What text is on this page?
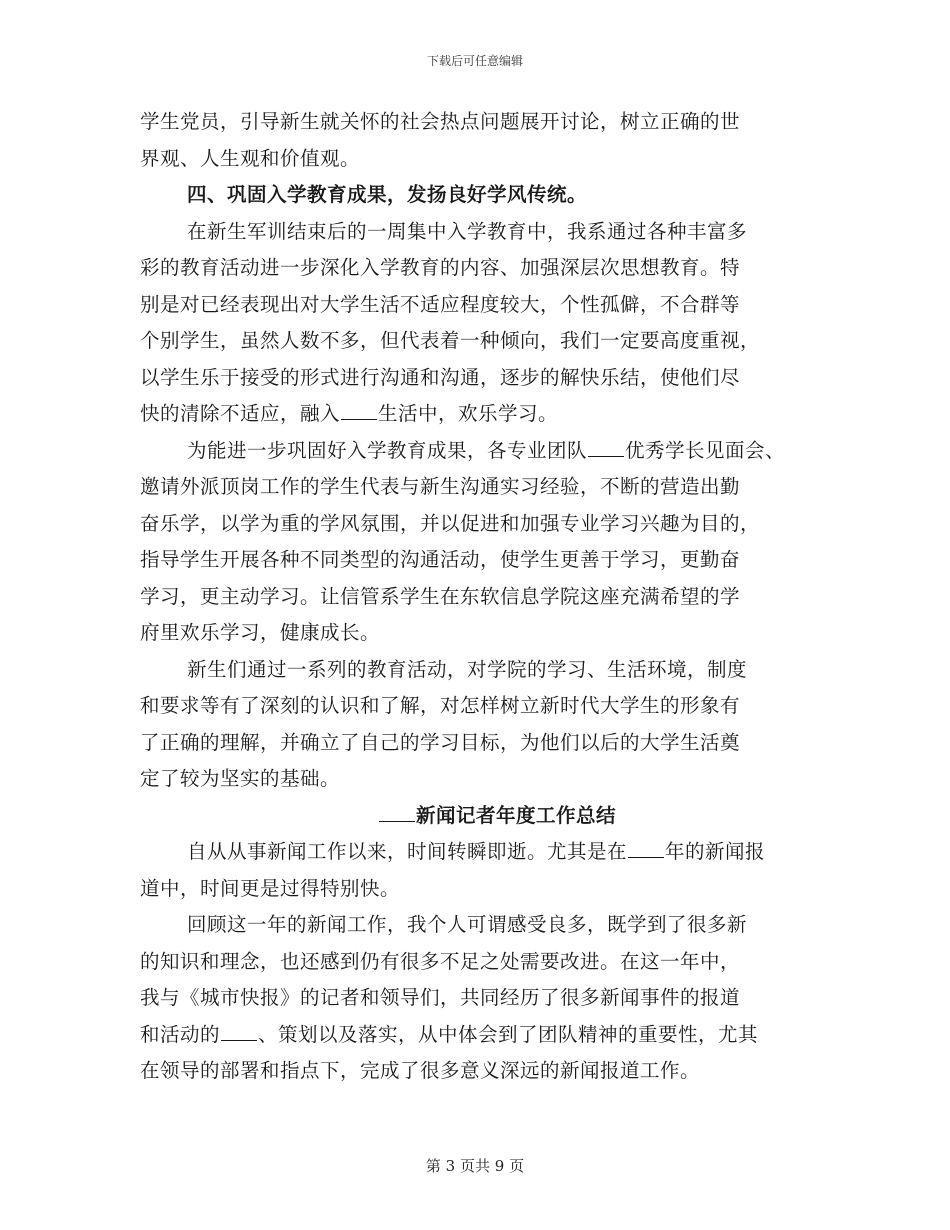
下载后可任意编辑
学生党员，引导新生就关怀的社会热点问题展开讨论，树立正确的世
界观、人生观和价值观。
四、巩固入学教育成果，发扬良好学风传统。
在新生军训结束后的一周集中入学教育中，我系通过各种丰富多
彩的教育活动进一步深化入学教育的内容、加强深层次思想教育。特
别是对已经表现出对大学生活不适应程度较大，个性孤僻，不合群等
个别学生，虽然人数不多，但代表着一种倾向，我们一定要高度重视，
以学生乐于接受的形式进行沟通和沟通，逐步的解快乐结，使他们尽
快的清除不适应，融入 生活中，欢乐学习。
为能进一步巩固好入学教育成果，各专业团队 优秀学长见面会、
邀请外派顶岗工作的学生代表与新生沟通实习经验，不断的营造出勤
奋乐学，以学为重的学风氛围，并以促进和加强专业学习兴趣为目的，
指导学生开展各种不同类型的沟通活动，使学生更善于学习，更勤奋
学习，更主动学习。让信管系学生在东软信息学院这座充满希望的学
府里欢乐学习，健康成长。
新生们通过一系列的教育活动，对学院的学习、生活环境，制度
和要求等有了深刻的认识和了解，对怎样树立新时代大学生的形象有
了正确的理解，并确立了自己的学习目标，为他们以后的大学生活奠
定了较为坚实的基础。
新闻记者年度工作总结
自从从事新闻工作以来，时间转瞬即逝。尤其是在 年的新闻报
道中，时间更是过得特别快。
回顾这一年的新闻工作，我个人可谓感受良多，既学到了很多新
的知识和理念，也还感到仍有很多不足之处需要改进。在这一年中，
我与《城市快报》的记者和领导们，共同经历了很多新闻事件的报道
和活动的 、策划以及落实，从中体会到了团队精神的重要性，尤其
在领导的部署和指点下，完成了很多意义深远的新闻报道工作。
第 3 页共 9 页
